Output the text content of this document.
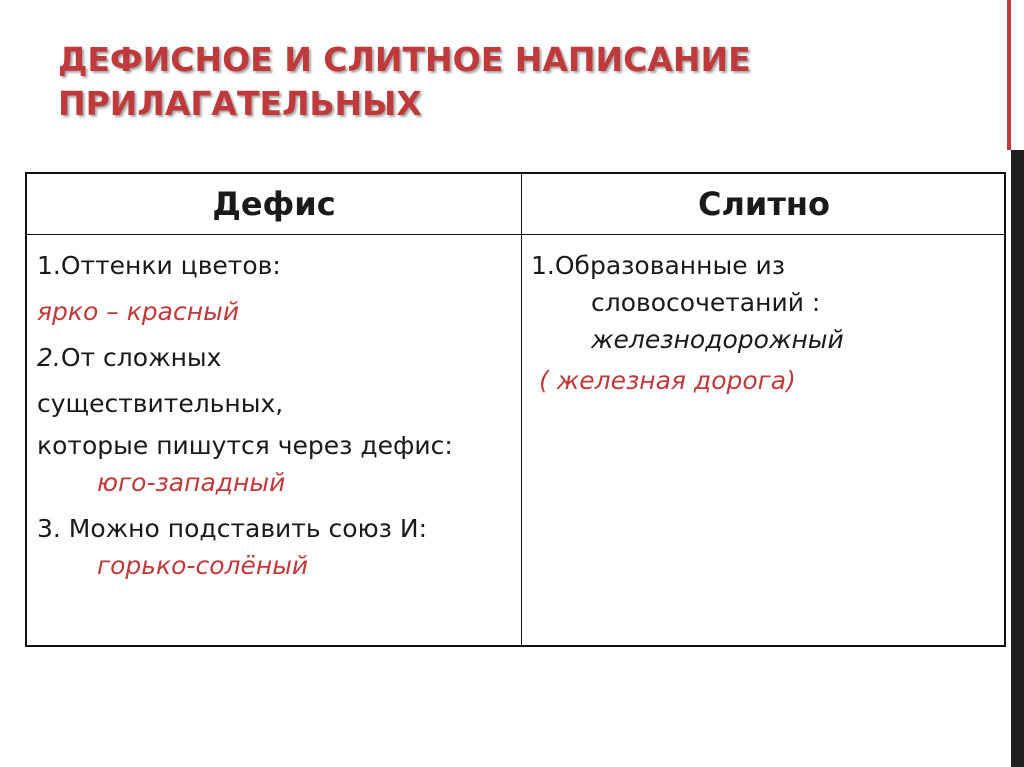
ДЕФИСНОЕ И СЛИТНОЕ НАПИСАНИЕ ПРИЛАГАТЕЛЬНЫХ
Дефис	Слитно

1.Оттенки цветов:

ярко – красный

2.От сложных

существительных,

которые пишутся через дефис: юго-западный

3. Можно подставить союз И: горько-солёный

1.Образованные из словосочетаний : железнодорожный

( железная дорога)
